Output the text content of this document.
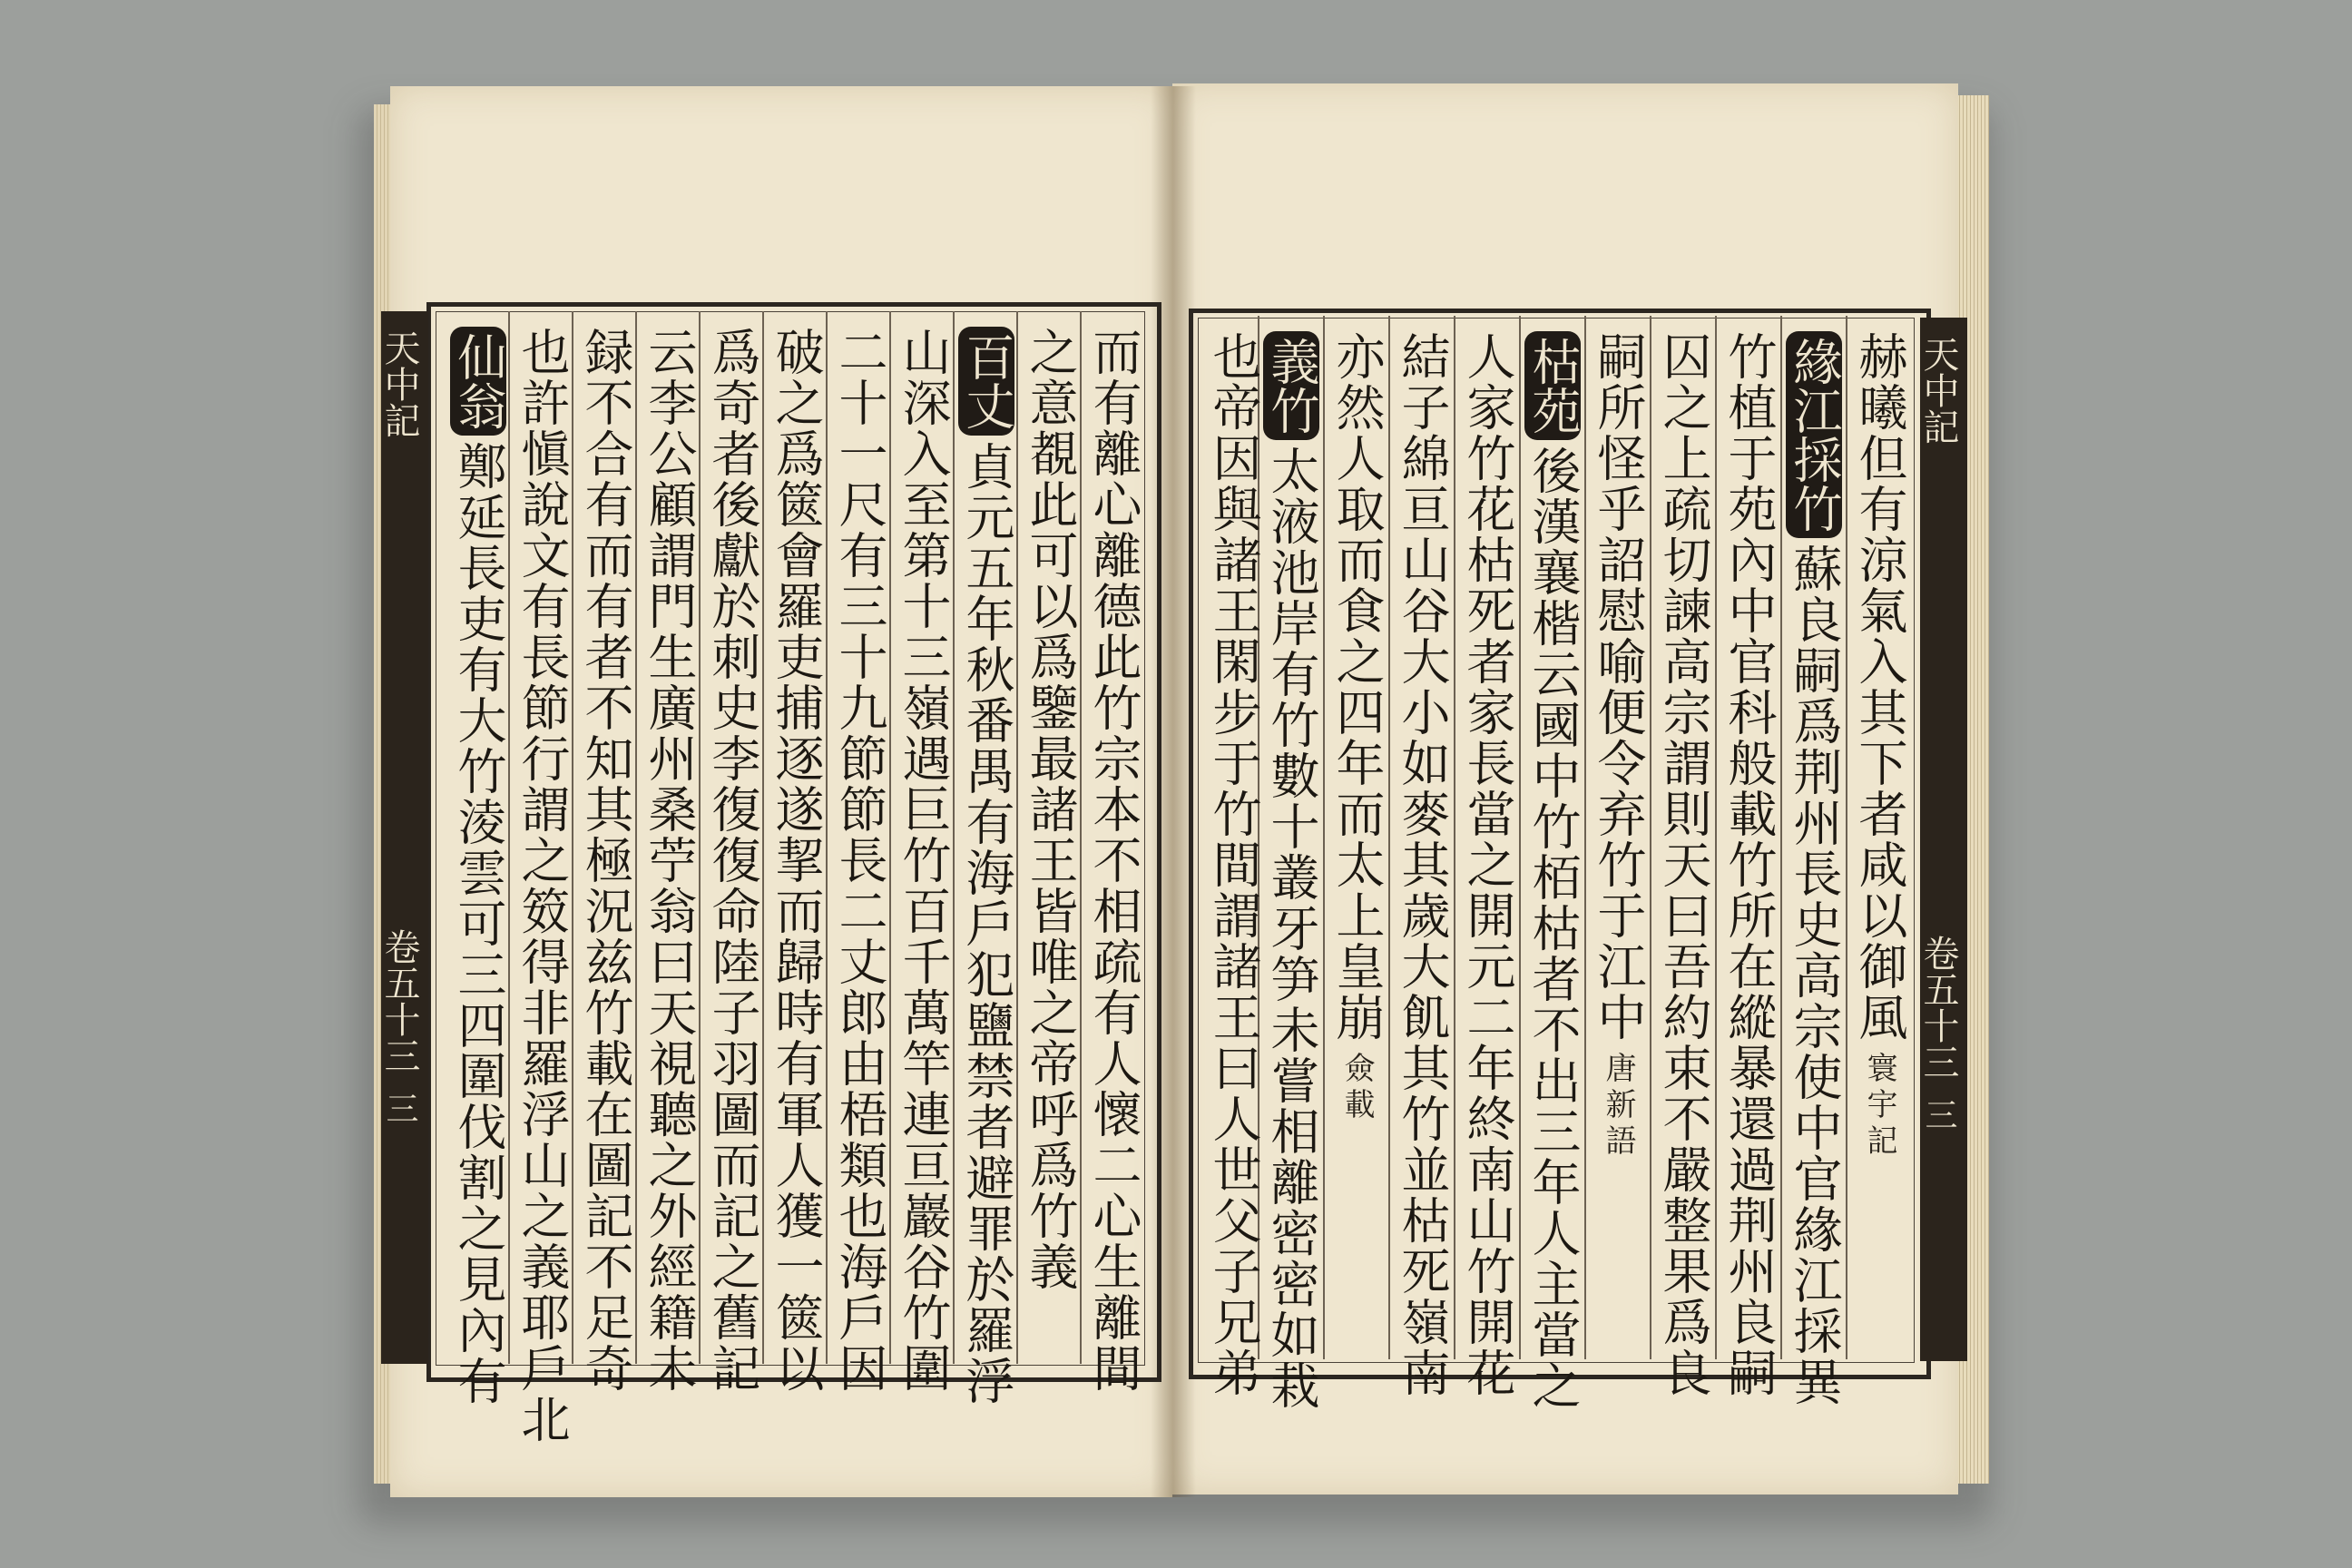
天中記
卷五十三
三
天中記
卷五十三
三
赫曦但有涼氣入其下者咸以御風寰宇記
緣江採竹蘇良嗣爲荆州長史高宗使中官緣江採異
竹植于苑內中官科般載竹所在縱暴還過荆州良嗣
囚之上疏切諫高宗謂則天曰吾約束不嚴整果爲良
嗣所怪乎詔慰喻便令弃竹于江中唐新語
枯苑後漢襄楷云國中竹栢枯者不出三年人主當之
人家竹花枯死者家長當之開元二年終南山竹開花
結子綿亘山谷大小如麥其歲大飢其竹並枯死嶺南
亦然人取而食之四年而太上皇崩僉載
義竹太液池岸有竹數十叢牙笋未嘗相離密密如栽
也帝因與諸王閑步于竹間謂諸王曰人世父子兄弟
而有離心離德此竹宗本不相疏有人懷二心生離間
之意覩此可以爲鑒最諸王皆唯之帝呼爲竹義
百丈貞元五年秋番禺有海戶犯鹽禁者避罪於羅浮
山深入至第十三嶺遇巨竹百千萬竿連亘巖谷竹圍
二十一尺有三十九節節長二丈郎由梧類也海戶因
破之爲篋會羅吏捕逐遂挈而歸時有軍人獲一篋以
爲奇者後獻於刺史李復復命陸子羽圖而記之舊記
云李公顧謂門生廣州桑苧翁曰天視聽之外經籍未
録不合有而有者不知其極況兹竹載在圖記不足奇
也許愼說文有長節行謂之笯得非羅浮山之義耶戶北
仙翁鄭延長吏有大竹淩雲可三四圍伐割之見內有
